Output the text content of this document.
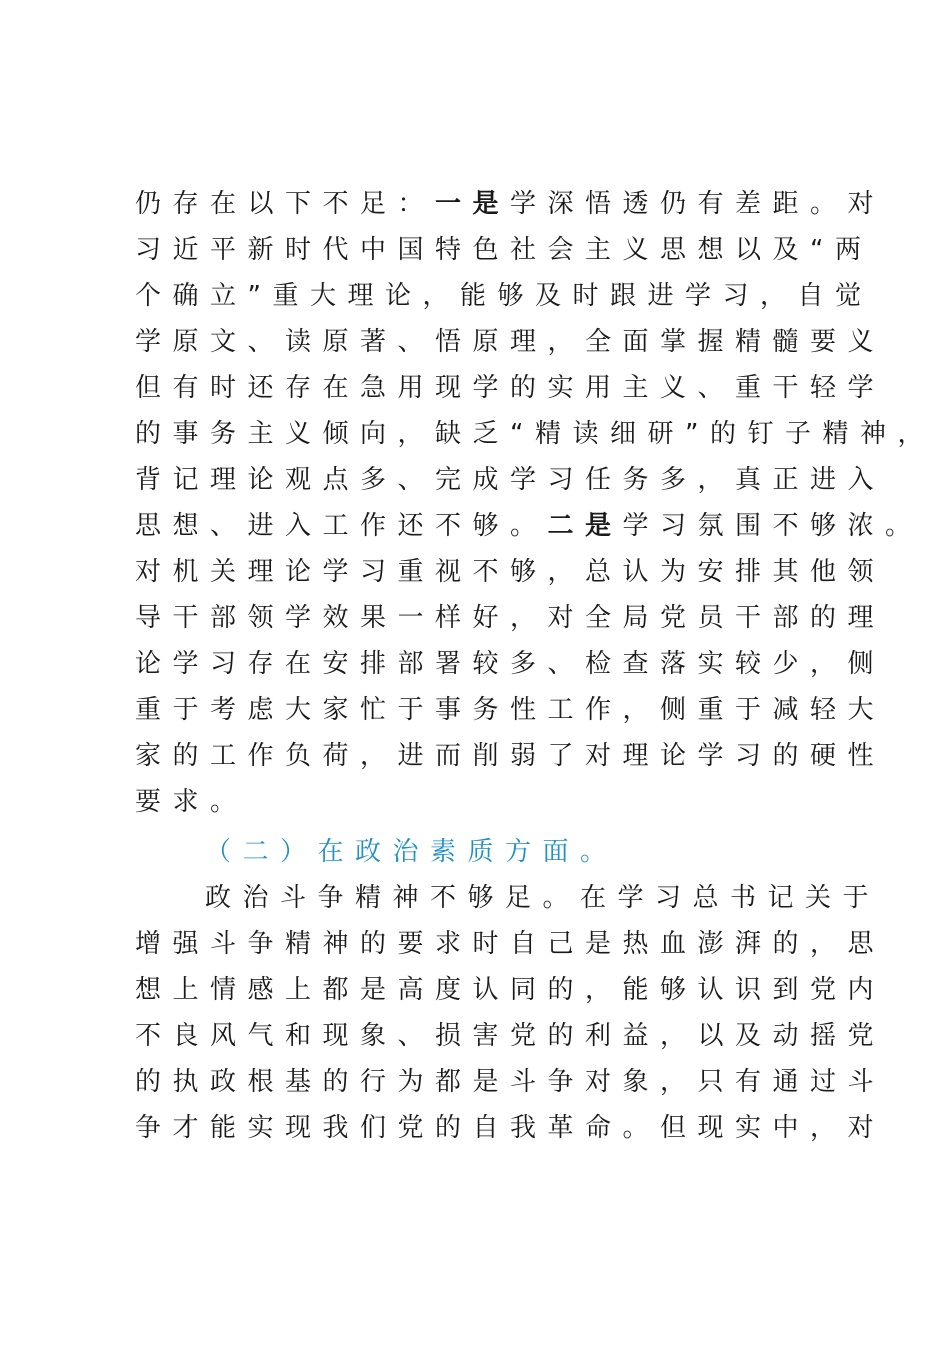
仍存在以下不足：一是学深悟透仍有差距。对
习近平新时代中国特色社会主义思想以及“两
个确立”重大理论，能够及时跟进学习，自觉
学原文、读原著、悟原理，全面掌握精髓要义
但有时还存在急用现学的实用主义、重干轻学
的事务主义倾向，缺乏“精读细研”的钉子精神，
背记理论观点多、完成学习任务多，真正进入
思想、进入工作还不够。二是学习氛围不够浓。
对机关理论学习重视不够，总认为安排其他领
导干部领学效果一样好，对全局党员干部的理
论学习存在安排部署较多、检查落实较少，侧
重于考虑大家忙于事务性工作，侧重于减轻大
家的工作负荷，进而削弱了对理论学习的硬性
要求。
（二）在政治素质方面。
政治斗争精神不够足。在学习总书记关于
增强斗争精神的要求时自己是热血澎湃的，思
想上情感上都是高度认同的，能够认识到党内
不良风气和现象、损害党的利益，以及动摇党
的执政根基的行为都是斗争对象，只有通过斗
争才能实现我们党的自我革命。但现实中，对
